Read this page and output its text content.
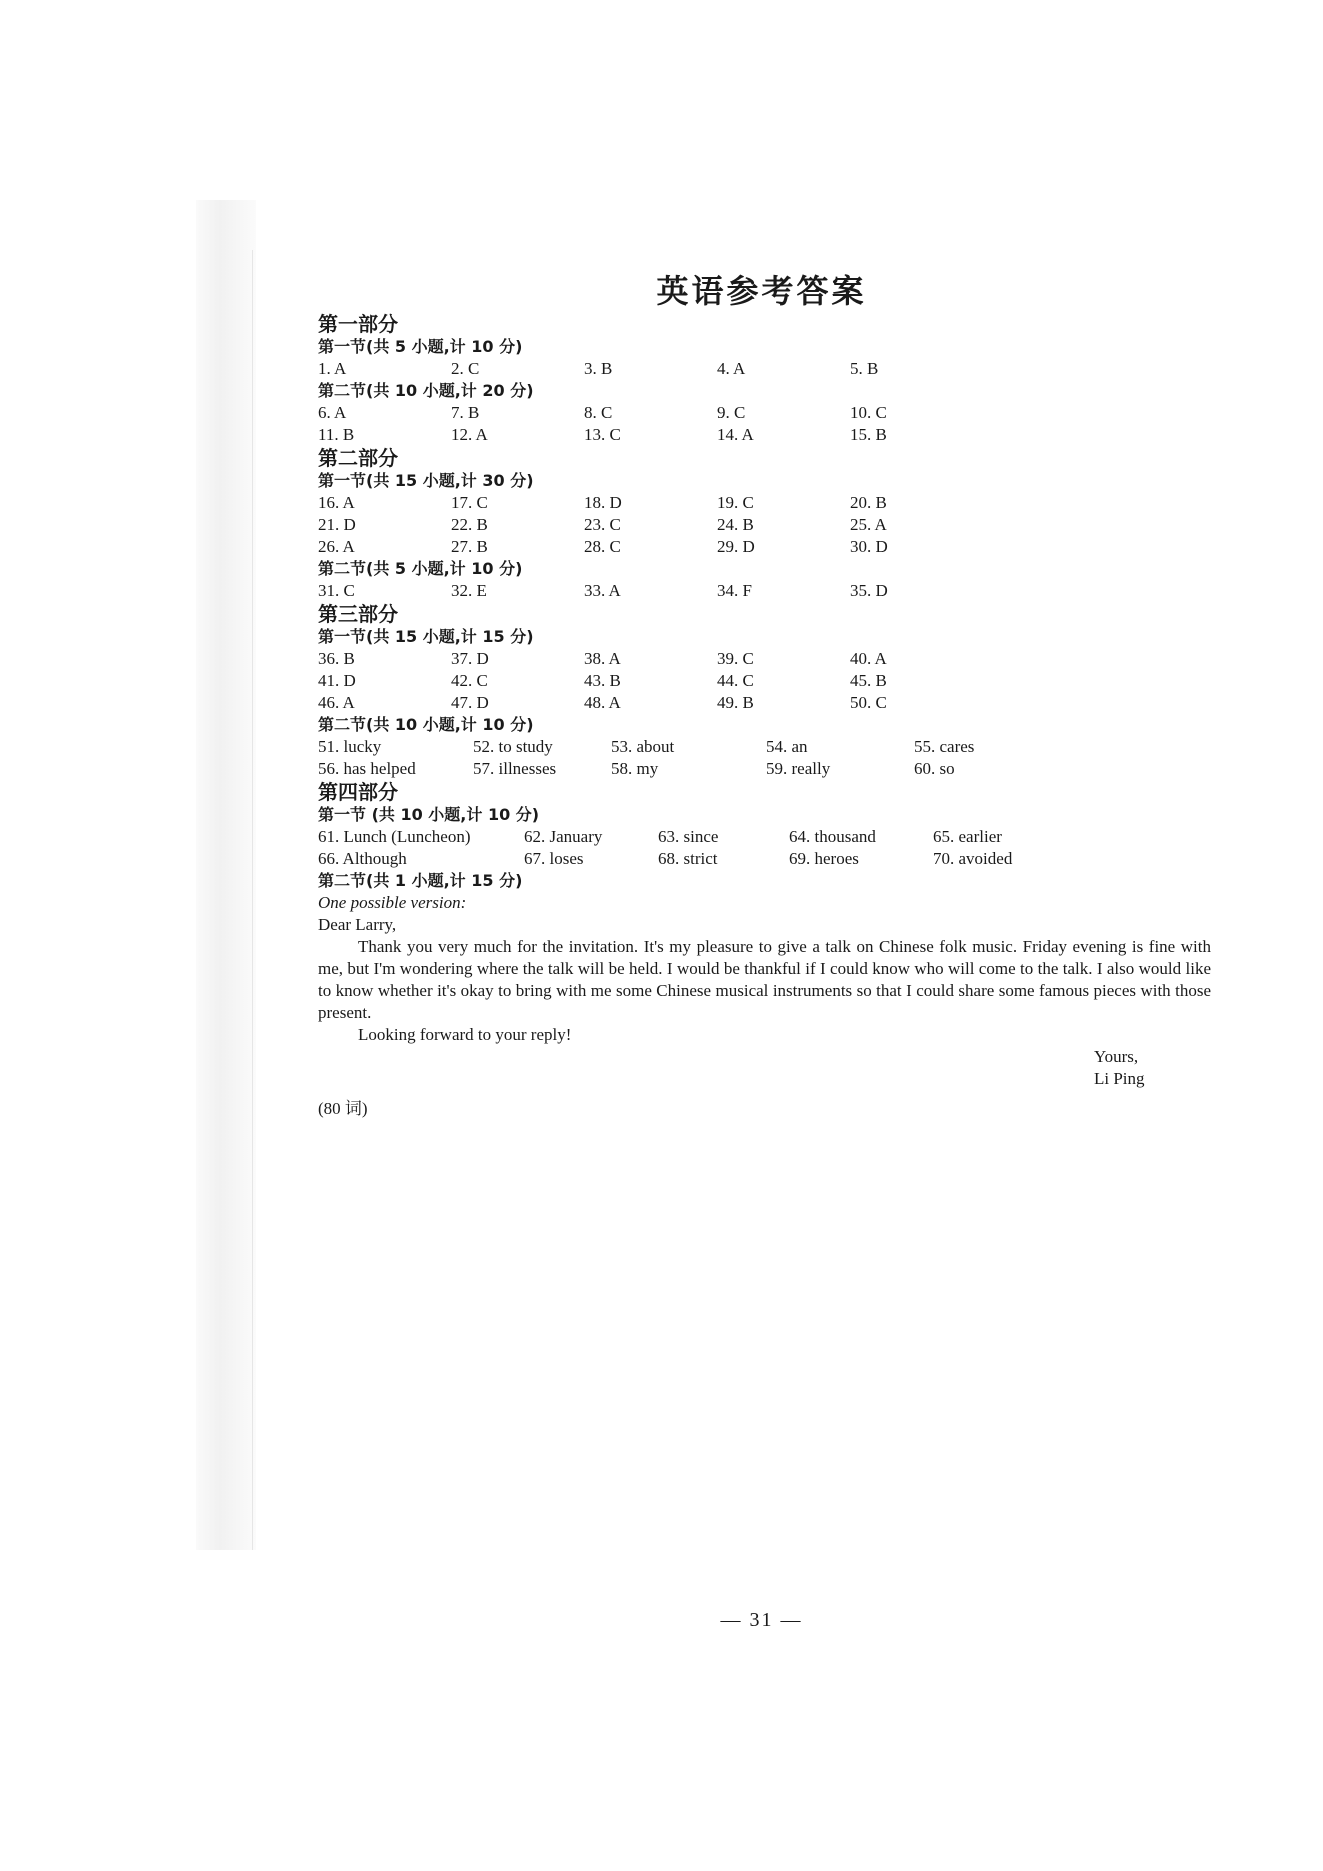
英语参考答案
第一部分
第一节(共 5 小题,计 10 分)
1. A	2. C	3. B	4. A	5. B
第二节(共 10 小题,计 20 分)
6. A	7. B	8. C	9. C	10. C
11. B	12. A	13. C	14. A	15. B
第二部分
第一节(共 15 小题,计 30 分)
16. A	17. C	18. D	19. C	20. B
21. D	22. B	23. C	24. B	25. A
26. A	27. B	28. C	29. D	30. D
第二节(共 5 小题,计 10 分)
31. C	32. E	33. A	34. F	35. D
第三部分
第一节(共 15 小题,计 15 分)
36. B	37. D	38. A	39. C	40. A
41. D	42. C	43. B	44. C	45. B
46. A	47. D	48. A	49. B	50. C
第二节(共 10 小题,计 10 分)
51. lucky	52. to study	53. about	54. an	55. cares
56. has helped	57. illnesses	58. my	59. really	60. so
第四部分
第一节 (共 10 小题,计 10 分)
61. Lunch (Luncheon)	62. January	63. since	64. thousand	65. earlier
66. Although	67. loses	68. strict	69. heroes	70. avoided
第二节(共 1 小题,计 15 分)
One possible version:
Dear Larry,
Thank you very much for the invitation. It's my pleasure to give a talk on Chinese folk music. Friday evening is fine with me, but I'm wondering where the talk will be held. I would be thankful if I could know who will come to the talk. I also would like to know whether it's okay to bring with me some Chinese musical instruments so that I could share some famous pieces with those present.
Looking forward to your reply!
Yours,
Li Ping
(80 词)
— 31 —
